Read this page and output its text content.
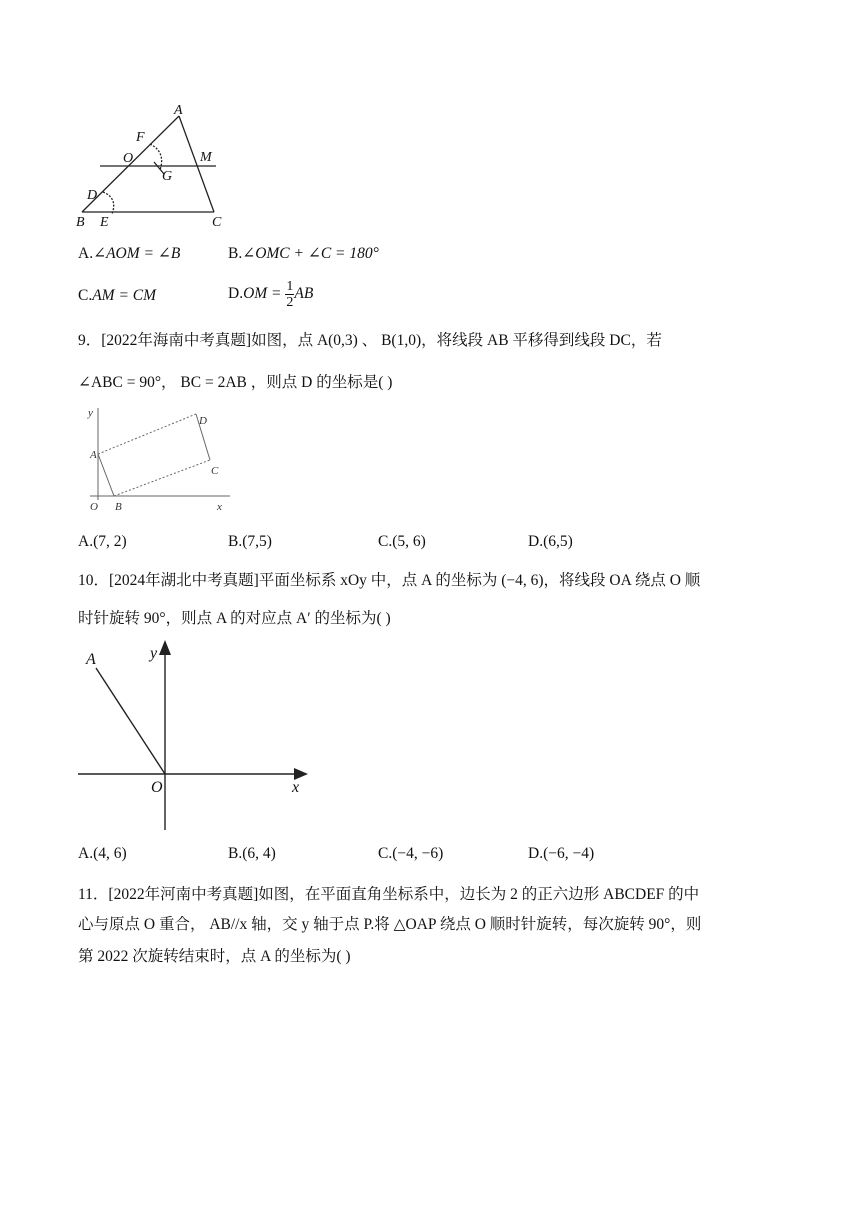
A
F
O	M
G
D
B E	C
A.∠AOM = ∠B	B.∠OMC + ∠C = 180°
C.AM = CM	$D.OM = \frac{1}{2}$ AB
9．[2022年海南中考真题]如图，点 A(0,3) 、 B(1,0)，将线段 AB 平移得到线段 DC，若
∠ABC = 90°， BC = 2AB ，则点 D 的坐标是( )
y
D
A
C
O B	x
A.(7, 2)	B.(7,5)	C.(5, 6)	D.(6,5)
10．[2024年湖北中考真题]平面坐标系 xOy 中，点 A 的坐标为 (−4, 6)，将线段 OA 绕点 O 顺
时针旋转 90°，则点 A 的对应点 A′ 的坐标为( )
A	y
O	x
A.(4, 6)	B.(6, 4)	C.(−4, −6)	D.(−6, −4)
11．[2022年河南中考真题]如图，在平面直角坐标系中，边长为 2 的正六边形 ABCDEF 的中
心与原点 O 重合， AB//x 轴，交 y 轴于点 P.将 △OAP 绕点 O 顺时针旋转，每次旋转 90°，则
第 2022 次旋转结束时，点 A 的坐标为( )
